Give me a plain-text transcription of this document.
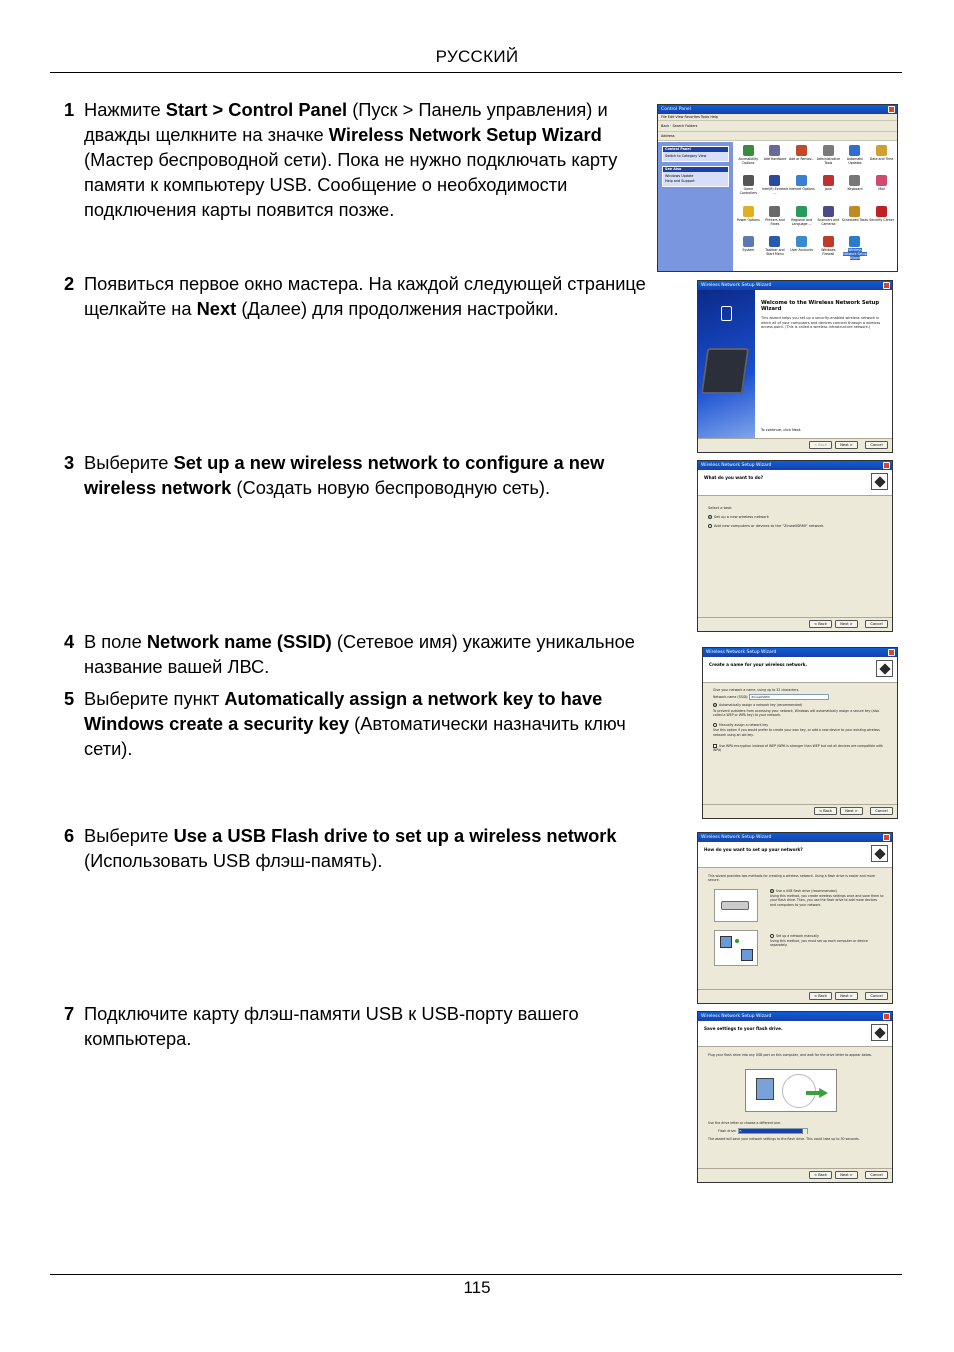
РУССКИЙ
1 Нажмите Start > Control Panel (Пуск > Панель управления) и дважды щелкните на значке Wireless Network Setup Wizard (Мастер беспроводной сети). Пока не нужно подключать карту памяти к компьютеру USB. Сообщение о необходимости подключения карты появится позже.
2 Появиться первое окно мастера. На каждой следующей странице щелкайте на Next (Далее) для продолжения настройки.
3 Выберите Set up a new wireless network to configure a new wireless network (Создать новую беспроводную сеть).
4 В поле Network name (SSID) (Сетевое имя) укажите уникальное название вашей ЛВС.
5 Выберите пункт Automatically assign a network key to have Windows create a security key (Автоматически назначить ключ сети).
6 Выберите Use a USB Flash drive to set up a wireless network (Использовать USB флэш-память).
7 Подключите карту флэш-памяти USB к USB-порту вашего компьютера.
Control Panel
File Edit View Favorites Tools Help
Back · Search Folders
Address
Control Panel
Switch to Category View
See Also
Windows Update
Help and Support
Accessibility Options
Add Hardware Add or Remov... Administrative Tools
Automatic Updates
Date and Time
Game Controllers
Intel(R) Extreme ...
Internet Options	Java	Keyboard	Mail
Power Options	Printers and Faxes
Regional and Language ...
Scanners and Cameras
Scheduled Tasks Security Center
System	Taskbar and Start Menu
User Accounts	Windows Firewall
Wireless Network Setup Wizard
Wireless Network Setup Wizard
Welcome to the Wireless Network Setup Wizard
This wizard helps you set up a security-enabled wireless network in which all of your computers and devices connect through a wireless access point. (This is called a wireless infrastructure network.)
To continue, click Next.
< Back	Next >	Cancel
Wireless Network Setup Wizard
What do you want to do?

Select a task:

Set up a new wireless network

Add new computers or devices to the "ZinwellSRMI" network.

< Back	Next >	Cancel
Wireless Network Setup Wizard
Create a name for your wireless network.

Give your network a name, using up to 32 characters.

Network name (SSID): ZinwellSRMI

Automatically assign a network key (recommended)

To prevent outsiders from accessing your network, Windows will automatically assign a secure key (also called a WEP or WPA key) to your network.

Manually assign a network key

Use this option if you would prefer to create your own key, or add a new device to your existing wireless network using an old key.

Use WPA encryption instead of WEP (WPA is stronger than WEP but not all devices are compatible with WPA)

< Back	Next >	Cancel
Wireless Network Setup Wizard
How do you want to set up your network?

This wizard provides two methods for creating a wireless network. Using a flash drive is easier and more secure.

Use a USB flash drive (recommended)

Using this method, you create wireless settings once and save them to your flash drive. Then, you use the flash drive to add more devices and computers to your network.

Set up a network manually

Using this method, you must set up each computer or device separately.

< Back	Next >	Cancel
Wireless Network Setup Wizard
Save settings to your flash drive.

Plug your flash drive into any USB port on this computer, and wait for the drive letter to appear below.

Use the drive letter or choose a different one.

Flash drive: F:

The wizard will save your network settings to the flash drive. This could take up to 30 seconds.

< Back	Next >	Cancel
115
